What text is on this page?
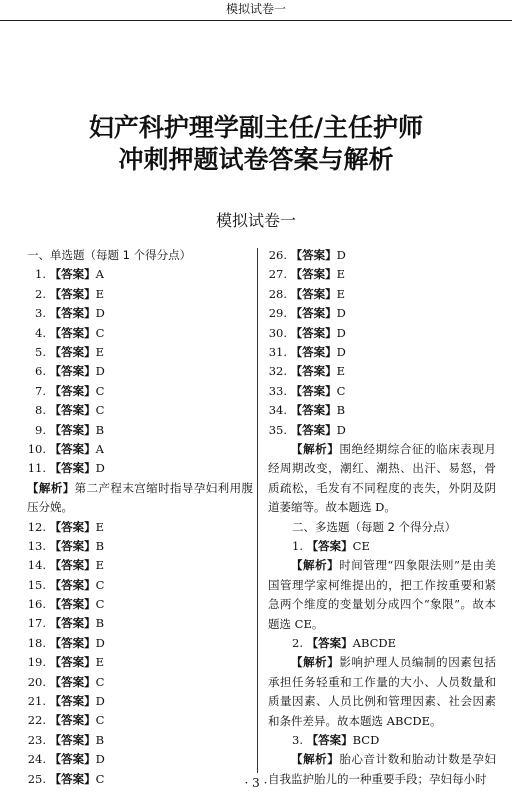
模拟试卷一
妇产科护理学副主任/主任护师
冲刺押题试卷答案与解析
模拟试卷一
一、单选题（每题 1 个得分点）
1. 【答案】A
2. 【答案】E
3. 【答案】D
4. 【答案】C
5. 【答案】E
6. 【答案】D
7. 【答案】C
8. 【答案】C
9. 【答案】B
10. 【答案】A
11. 【答案】D
【解析】第二产程末宫缩时指导孕妇利用腹压分娩。
12. 【答案】E
13. 【答案】B
14. 【答案】E
15. 【答案】C
16. 【答案】C
17. 【答案】B
18. 【答案】D
19. 【答案】E
20. 【答案】C
21. 【答案】D
22. 【答案】C
23. 【答案】B
24. 【答案】D
25. 【答案】C
26. 【答案】D
27. 【答案】E
28. 【答案】E
29. 【答案】D
30. 【答案】D
31. 【答案】D
32. 【答案】E
33. 【答案】C
34. 【答案】B
35. 【答案】D
【解析】围绝经期综合征的临床表现月经周期改变，潮红、潮热、出汗、易怒，骨质疏松，毛发有不同程度的丧失，外阴及阴道萎缩等。故本题选 D。
二、多选题（每题 2 个得分点）
1. 【答案】CE
【解析】时间管理“四象限法则”是由美国管理学家柯维提出的，把工作按重要和紧急两个维度的变量划分成四个“象限”。故本题选 CE。
2. 【答案】ABCDE
【解析】影响护理人员编制的因素包括承担任务轻重和工作量的大小、人员数量和质量因素、人员比例和管理因素、社会因素和条件差异。故本题选 ABCDE。
3. 【答案】BCD
【解析】胎心音计数和胎动计数是孕妇自我监护胎儿的一种重要手段；孕妇每小时
· 3 ·
